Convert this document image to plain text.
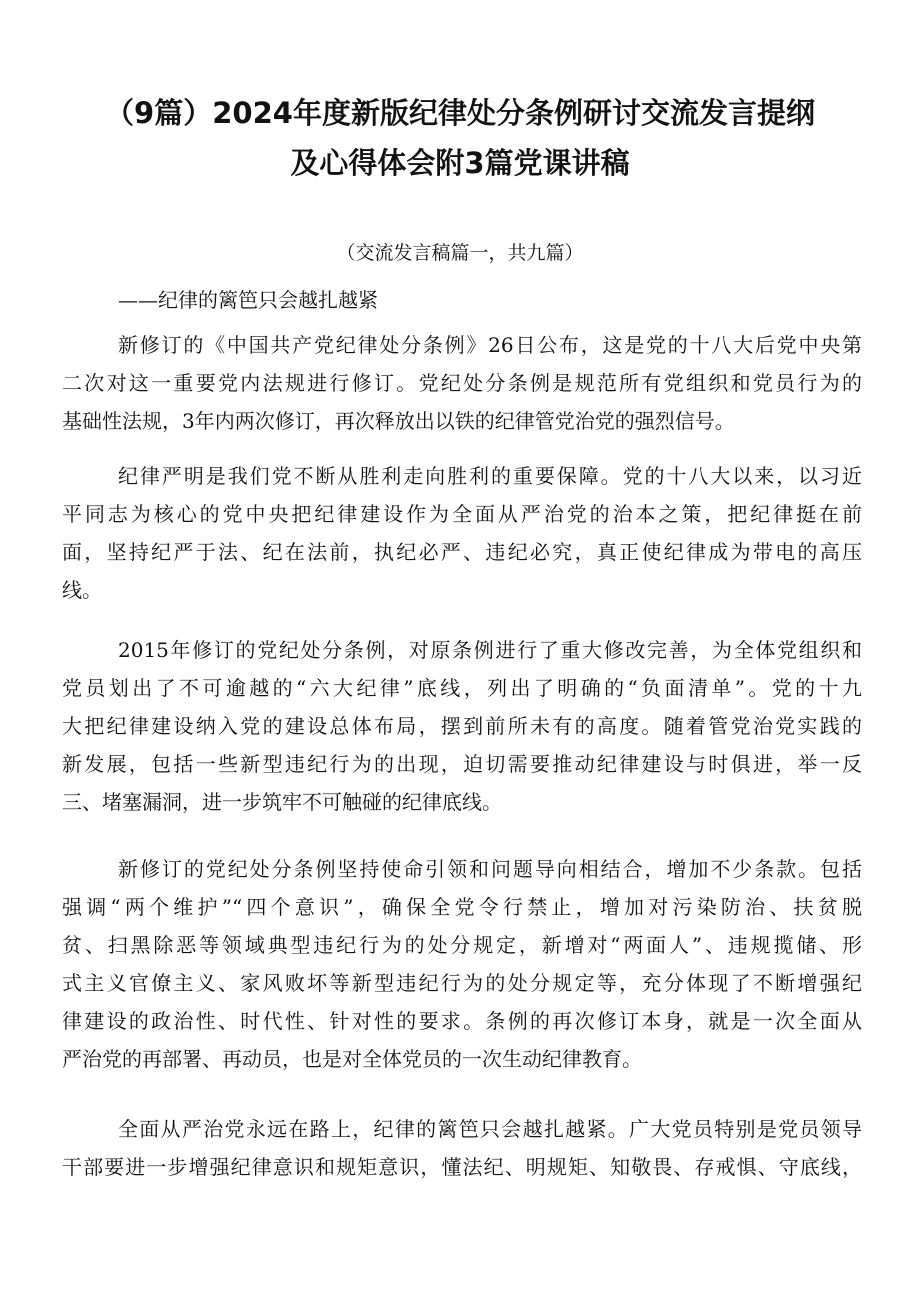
（9篇）2024年度新版纪律处分条例研讨交流发言提纲
及心得体会附3篇党课讲稿

（交流发言稿篇一，共九篇）

——纪律的篱笆只会越扎越紧

新修订的《中国共产党纪律处分条例》26日公布，这是党的十八大后党中央第
二次对这一重要党内法规进行修订。党纪处分条例是规范所有党组织和党员行为的
基础性法规，3年内两次修订，再次释放出以铁的纪律管党治党的强烈信号。
纪律严明是我们党不断从胜利走向胜利的重要保障。党的十八大以来，以习近
平同志为核心的党中央把纪律建设作为全面从严治党的治本之策，把纪律挺在前
面，坚持纪严于法、纪在法前，执纪必严、违纪必究，真正使纪律成为带电的高压
线。
2015年修订的党纪处分条例，对原条例进行了重大修改完善，为全体党组织和
党员划出了不可逾越的“六大纪律”底线，列出了明确的“负面清单”。党的十九
大把纪律建设纳入党的建设总体布局，摆到前所未有的高度。随着管党治党实践的
新发展，包括一些新型违纪行为的出现，迫切需要推动纪律建设与时俱进，举一反
三、堵塞漏洞，进一步筑牢不可触碰的纪律底线。
新修订的党纪处分条例坚持使命引领和问题导向相结合，增加不少条款。包括
强调“两个维护”“四个意识”，确保全党令行禁止，增加对污染防治、扶贫脱
贫、扫黑除恶等领域典型违纪行为的处分规定，新增对“两面人”、违规揽储、形
式主义官僚主义、家风败坏等新型违纪行为的处分规定等，充分体现了不断增强纪
律建设的政治性、时代性、针对性的要求。条例的再次修订本身，就是一次全面从
严治党的再部署、再动员，也是对全体党员的一次生动纪律教育。
全面从严治党永远在路上，纪律的篱笆只会越扎越紧。广大党员特别是党员领导
干部要进一步增强纪律意识和规矩意识，懂法纪、明规矩、知敬畏、存戒惧、守底线，
